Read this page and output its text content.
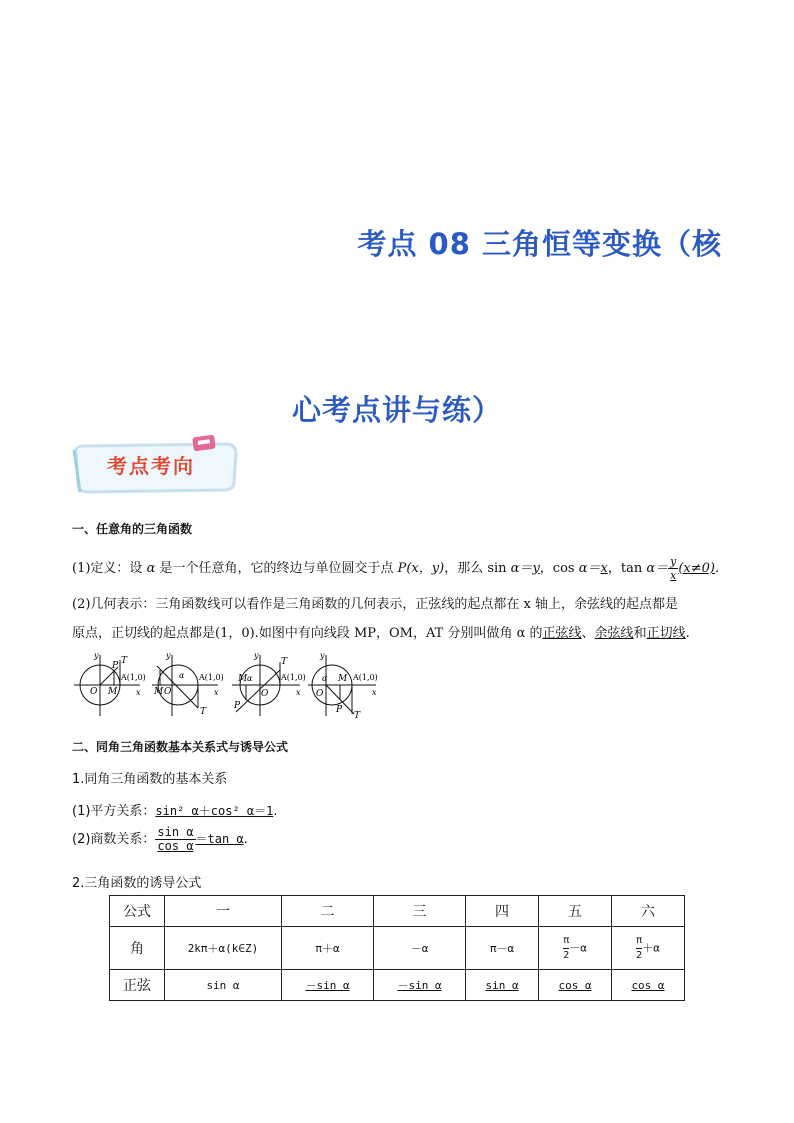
考点 08 三角恒等变换（核
心考点讲与练）
考点考向
一、任意角的三角函数
(1)定义：设 α 是一个任意角，它的终边与单位圆交于点 P(x，y)，那么 sin α＝y，cos α＝x，$\tan \alpha= \frac{y}{x} (x\ne 0)$.
(2)几何表示：三角函数线可以看作是三角函数的几何表示，正弦线的起点都在 x 轴上，余弦线的起点都是
原点，正切线的起点都是(1，0).如图中有向线段 MP，OM，AT 分别叫做角 α 的正弦线、余弦线和正切线.
y
x
O M
P T
A(1,0)
y
x
M O
α
T
A(1,0)
y
x
M α
O
P
T
A(1,0)
y
x
α M
O
P
T
A(1,0)
二、同角三角函数基本关系式与诱导公式
1.同角三角函数的基本关系
(1)平方关系：sin² α＋cos² α＝1.
(2)商数关系： $\frac{\text{sin α}}{\text{cos α}} =\tan$ α.
2.三角函数的诱导公式
公式	一	二	三	四	五	六
角	2kπ＋α(k∈Z)	π＋α	－α	π－α	$\frac{\pi}{2} -\alpha$	$\frac{\pi}{2} +\alpha$
正弦	sin α	－sin α	－sin α	sin α	cos α	cos α
